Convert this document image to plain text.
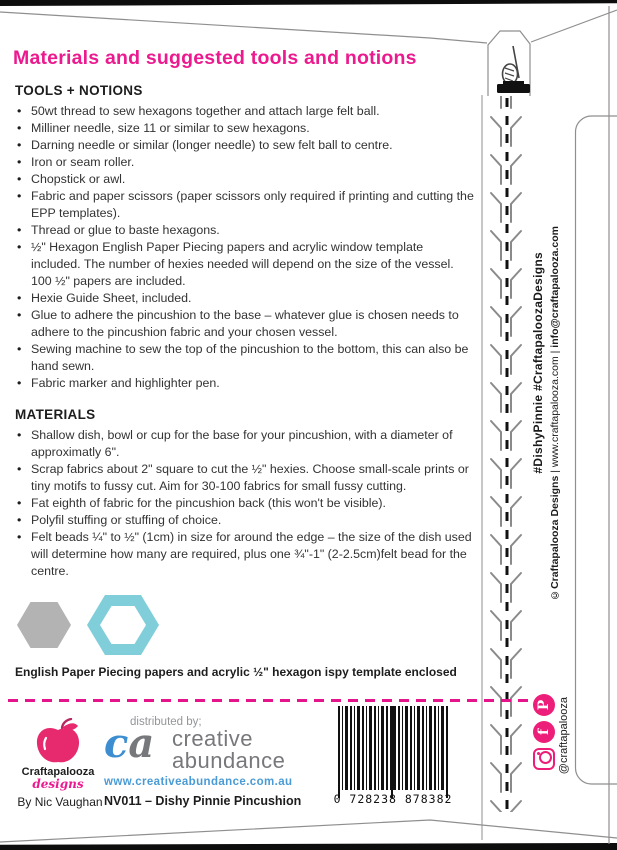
Materials and suggested tools and notions
TOOLS + NOTIONS
• 50wt thread to sew hexagons together and attach large felt ball.
• Milliner needle, size 11 or similar to sew hexagons.
• Darning needle or similar (longer needle) to sew felt ball to centre.
• Iron or seam roller.
• Chopstick or awl.
• Fabric and paper scissors (paper scissors only required if printing and cutting the EPP templates).
• Thread or glue to baste hexagons.
• ½" Hexagon English Paper Piecing papers and acrylic window template included. The number of hexies needed will depend on the size of the vessel. 100 ½" papers are included.
• Hexie Guide Sheet, included.
• Glue to adhere the pincushion to the base – whatever glue is chosen needs to adhere to the pincushion fabric and your chosen vessel.
• Sewing machine to sew the top of the pincushion to the bottom, this can also be hand sewn.
• Fabric marker and highlighter pen.
MATERIALS
• Shallow dish, bowl or cup for the base for your pincushion, with a diameter of approximatly 6".
• Scrap fabrics about 2" square to cut the ½" hexies. Choose small-scale prints or tiny motifs to fussy cut. Aim for 30-100 fabrics for small fussy cutting.
• Fat eighth of fabric for the pincushion back (this won't be visible).
• Polyfil stuffing or stuffing of choice.
• Felt beads ¼" to ½" (1cm) in size for around the edge – the size of the dish used will determine how many are required, plus one ¾"-1" (2-2.5cm)felt bead for the centre.
English Paper Piecing papers and acrylic ½" hexagon ispy template enclosed
Craftapalooza
designs
By Nic Vaughan
distributed by;
ca creative
abundance
www.creativeabundance.com.au
NV011 – Dishy Pinnie Pincushion	0 728238 878382
#DishyPinnie #CraftapaloozaDesigns
©Craftapalooza Designs | www.craftapalooza.com | info@craftapalooza.com
P
f @craftapalooza
